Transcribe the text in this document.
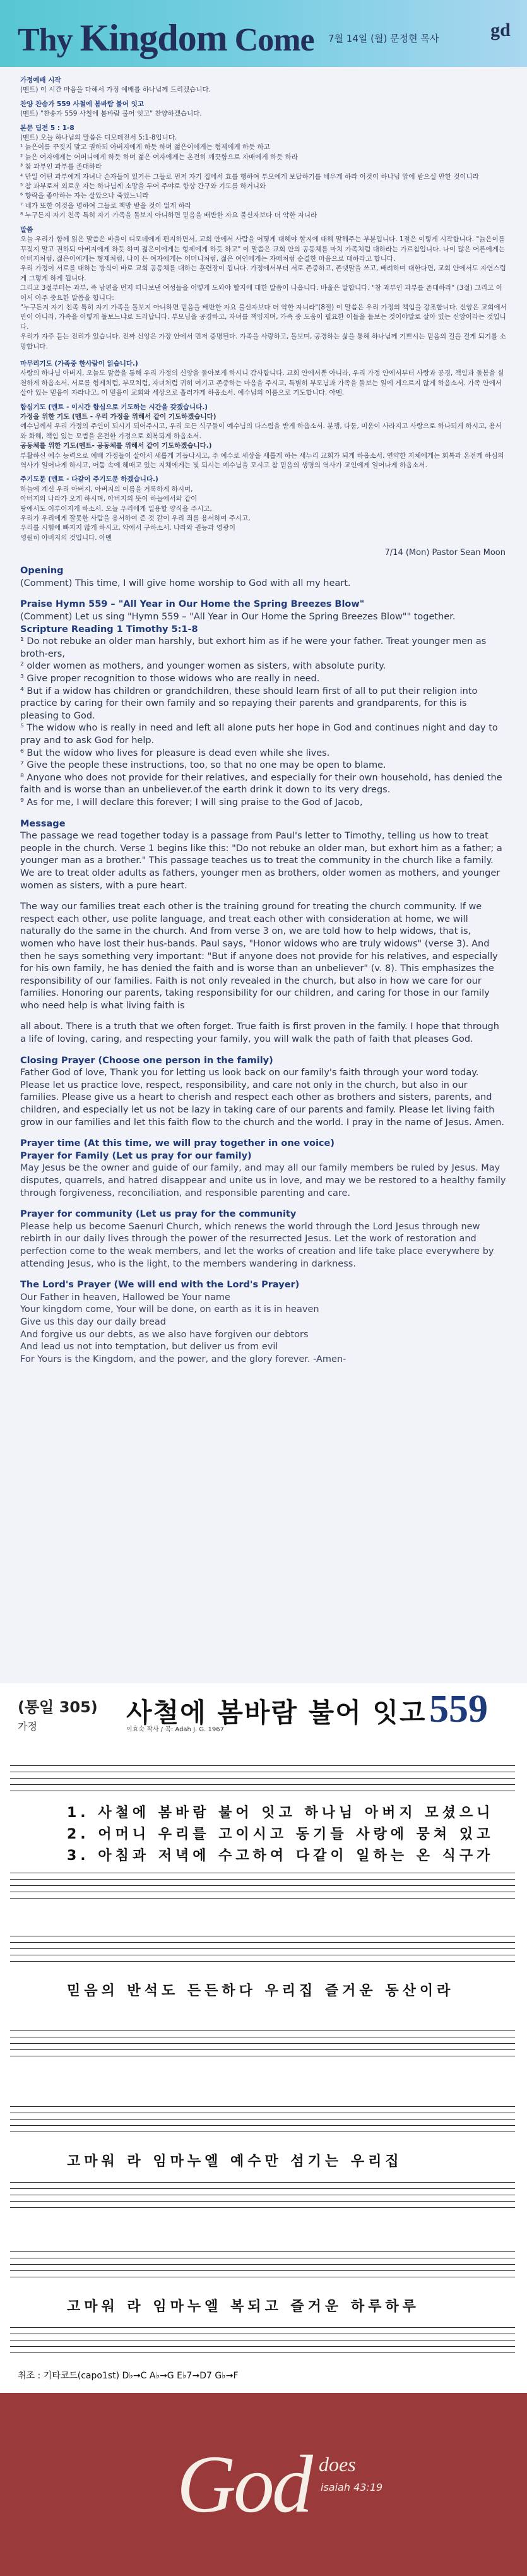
Thy Kingdom Come 7월 14일 (월) 문정현 목사	gd

가정예배 시작

(멘트) 이 시간 마음을 다해서 가정 예배를 하나님께 드리겠습니다.

찬양 찬송가 559 사철에 봄바람 불어 잇고

(멘트) "찬송가 559 사철에 봄바람 불어 잇고" 찬양하겠습니다.

본문 딤전 5 : 1-8

(멘트) 오늘 하나님의 말씀은 디모데전서 5:1-8입니다.

¹ 늙은이를 꾸짖지 말고 권하되 아버지에게 하듯 하며 젊은이에게는 형제에게 하듯 하고

² 늙은 여자에게는 어머니에게 하듯 하며 젊은 여자에게는 온전히 깨끗함으로 자매에게 하듯 하라

³ 참 과부인 과부를 존대하라

⁴ 만일 어떤 과부에게 자녀나 손자들이 있거든 그들로 먼저 자기 집에서 효를 행하여 부모에게 보답하기를 배우게 하라 이것이 하나님 앞에 받으실 만한 것이니라

⁵ 참 과부로서 외로운 자는 하나님께 소망을 두어 주야로 항상 간구와 기도를 하거니와

⁶ 향락을 좋아하는 자는 살았으나 죽었느니라

⁷ 네가 또한 이것을 명하여 그들로 책망 받을 것이 없게 하라

⁸ 누구든지 자기 친족 특히 자기 가족을 돌보지 아니하면 믿음을 배반한 자요 불신자보다 더 악한 자니라

말씀

오늘 우리가 함께 읽은 말씀은 바울이 디모데에게 편지하면서, 교회 안에서 사람을 어떻게 대해야 할지에 대해 말해주는 부분입니다. 1절은 이렇게 시작합니다. "늙은이를 꾸짖지 말고 권하되 아버지에게 하듯 하며 젊은이에게는 형제에게 하듯 하고" 이 말씀은 교회 안의 공동체를 마치 가족처럼 대하라는 가르침입니다. 나이 많은 어른에게는 아버지처럼, 젊은이에게는 형제처럼, 나이 든 여자에게는 어머니처럼, 젊은 여인에게는 자매처럼 순결한 마음으로 대하라고 합니다.

우리 가정이 서로를 대하는 방식이 바로 교회 공동체를 대하는 훈련장이 됩니다. 가정에서부터 서로 존중하고, 존댓말을 쓰고, 배려하며 대한다면, 교회 안에서도 자연스럽게 그렇게 하게 됩니다.

그리고 3절부터는 과부, 즉 남편을 먼저 떠나보낸 여성들을 어떻게 도와야 할지에 대한 말씀이 나옵니다. 바울은 말합니다. "참 과부인 과부를 존대하라" (3절) 그리고 이어서 아주 중요한 말씀을 합니다:

"누구든지 자기 친족 특히 자기 가족을 돌보지 아니하면 믿음을 배반한 자요 불신자보다 더 악한 자니라"(8절) 이 말씀은 우리 가정의 책임을 강조합니다. 신앙은 교회에서만이 아니라, 가족을 어떻게 돌보느냐로 드러납니다. 부모님을 공경하고, 자녀를 책임지며, 가족 중 도움이 필요한 이들을 돌보는 것이야말로 살아 있는 신앙이라는 것입니다.

우리가 자주 듣는 진리가 있습니다. 진짜 신앙은 가장 안에서 먼저 증명된다. 가족을 사랑하고, 돌보며, 공경하는 삶을 통해 하나님께 기쁘시는 믿음의 길을 걸게 되기를 소망합니다.

마무리기도 (가족중 한사람이 읽습니다.)

사랑의 하나님 아버지, 오늘도 말씀을 통해 우리 가정의 신앙을 돌아보게 하시니 감사합니다. 교회 안에서뿐 아니라, 우리 가정 안에서부터 사랑과 공경, 책임과 돌봄을 실천하게 하옵소서. 서로를 형제처럼, 부모처럼, 자녀처럼 귀히 여기고 존중하는 마음을 주시고, 특별히 부모님과 가족을 돌보는 일에 게으르지 않게 하옵소서. 가족 안에서 살아 있는 믿음이 자라나고, 이 믿음이 교회와 세상으로 흘러가게 하옵소서. 예수님의 이름으로 기도합니다. 아멘.

합심기도 (멘트 - 이시간 합심으로 기도하는 시간을 갖겠습니다.)

가정을 위한 기도 (멘트 - 우리 가정을 위해서 같이 기도하겠습니다)

예수님께서 우리 가정의 주인이 되시기 되어주시고, 우리 모든 식구들이 예수님의 다스림을 받게 하옵소서. 분쟁, 다툼, 미움이 사라지고 사랑으로 하나되게 하시고, 용서와 화해, 책임 있는 모범을 온전한 가정으로 회복되게 하옵소서.

공동체를 위한 기도(멘트- 공동체를 위해서 같이 기도하겠습니다.)

부활하신 예수 능력으로 예배 가정들이 살아서 새롭게 거듭나시고, 주 예수로 세상을 새롭게 하는 새누리 교회가 되게 하옵소서. 연약한 지체에게는 회복과 온전케 하심의 역사가 일어나게 하시고, 어둠 속에 헤매고 있는 지체에게는 빛 되시는 예수님을 모시고 참 믿음의 생명의 역사가 교인에게 일어나게 하옵소서.

주기도문 (멘트 - 다같이 주기도문 하겠습니다.)

하늘에 계신 우리 아버지, 아버지의 이름을 거룩하게 하시며,

아버지의 나라가 오게 하시며, 아버지의 뜻이 하늘에서와 같이

땅에서도 이루어지게 하소서. 오늘 우리에게 일용할 양식을 주시고,

우리가 우리에게 잘못한 사람을 용서하여 준 것 같이 우리 죄를 용서하여 주시고,

우리를 시험에 빠지지 않게 하시고, 악에서 구하소서. 나라와 권능과 영광이

영원히 아버지의 것입니다. 아멘

7/14 (Mon) Pastor Sean Moon

Opening

(Comment) This time, I will give home worship to God with all my heart.

Praise Hymn 559 – "All Year in Our Home the Spring Breezes Blow"

(Comment) Let us sing "Hymn 559 – "All Year in Our Home the Spring Breezes Blow"" together.

Scripture Reading 1 Timothy 5:1-8

¹ Do not rebuke an older man harshly, but exhort him as if he were your father. Treat younger men as broth-ers,

² older women as mothers, and younger women as sisters, with absolute purity.

³ Give proper recognition to those widows who are really in need.

⁴ But if a widow has children or grandchildren, these should learn first of all to put their religion into practice by caring for their own family and so repaying their parents and grandparents, for this is pleasing to God.

⁵ The widow who is really in need and left all alone puts her hope in God and continues night and day to pray and to ask God for help.

⁶ But the widow who lives for pleasure is dead even while she lives.

⁷ Give the people these instructions, too, so that no one may be open to blame.

⁸ Anyone who does not provide for their relatives, and especially for their own household, has denied the faith and is worse than an unbeliever.of the earth drink it down to its very dregs.

⁹ As for me, I will declare this forever; I will sing praise to the God of Jacob,

Message

The passage we read together today is a passage from Paul's letter to Timothy, telling us how to treat people in the church. Verse 1 begins like this: "Do not rebuke an older man, but exhort him as a father; a younger man as a brother." This passage teaches us to treat the community in the church like a family. We are to treat older adults as fathers, younger men as brothers, older women as mothers, and younger women as sisters, with a pure heart.

The way our families treat each other is the training ground for treating the church community. If we respect each other, use polite language, and treat each other with consideration at home, we will naturally do the same in the church. And from verse 3 on, we are told how to help widows, that is, women who have lost their hus-bands. Paul says, "Honor widows who are truly widows" (verse 3). And then he says something very important: "But if anyone does not provide for his relatives, and especially for his own family, he has denied the faith and is worse than an unbeliever" (v. 8). This emphasizes the responsibility of our families. Faith is not only revealed in the church, but also in how we care for our families. Honoring our parents, taking responsibility for our children, and caring for those in our family who need help is what living faith is

all about. There is a truth that we often forget. True faith is first proven in the family. I hope that through a life of loving, caring, and respecting your family, you will walk the path of faith that pleases God.

Closing Prayer (Choose one person in the family)

Father God of love, Thank you for letting us look back on our family's faith through your word today. Please let us practice love, respect, responsibility, and care not only in the church, but also in our families. Please give us a heart to cherish and respect each other as brothers and sisters, parents, and children, and especially let us not be lazy in taking care of our parents and family. Please let living faith grow in our families and let this faith flow to the church and the world. I pray in the name of Jesus. Amen.

Prayer time (At this time, we will pray together in one voice)

Prayer for Family (Let us pray for our family)

May Jesus be the owner and guide of our family, and may all our family members be ruled by Jesus. May disputes, quarrels, and hatred disappear and unite us in love, and may we be restored to a healthy family through forgiveness, reconciliation, and responsible parenting and care.

Prayer for community (Let us pray for the community

Please help us become Saenuri Church, which renews the world through the Lord Jesus through new rebirth in our daily lives through the power of the resurrected Jesus. Let the work of restoration and perfection come to the weak members, and let the works of creation and life take place everywhere by attending Jesus, who is the light, to the members wandering in darkness.

The Lord's Prayer (We will end with the Lord's Prayer)

Our Father in heaven, Hallowed be Your name

Your kingdom come, Your will be done, on earth as it is in heaven

Give us this day our daily bread

And forgive us our debts, as we also have forgiven our debtors

And lead us not into temptation, but deliver us from evil

For Yours is the Kingdom, and the power, and the glory forever. -Amen-

(통일 305) 사철에 봄바람 불어 잇고 559
가정	이효숙 작사 / 곡: Adah J. G. 1967
1. 사철에 봄바람 불어 잇고 하나님 아버지 모셨으니
2. 어머니 우리를 고이시고 동기들 사랑에 뭉쳐 있고
3. 아침과 저녁에 수고하여 다같이 일하는 온 식구가
믿음의 반석도 든든하다 우리집 즐거운 동산이라
고마워 라 임마누엘 예수만 섬기는 우리집
고마워 라 임마누엘 복되고 즐거운 하루하루
취조 : 기타코드(capo1st) D♭→C A♭→G E♭7→D7 G♭→F
God does
isaiah 43:19
